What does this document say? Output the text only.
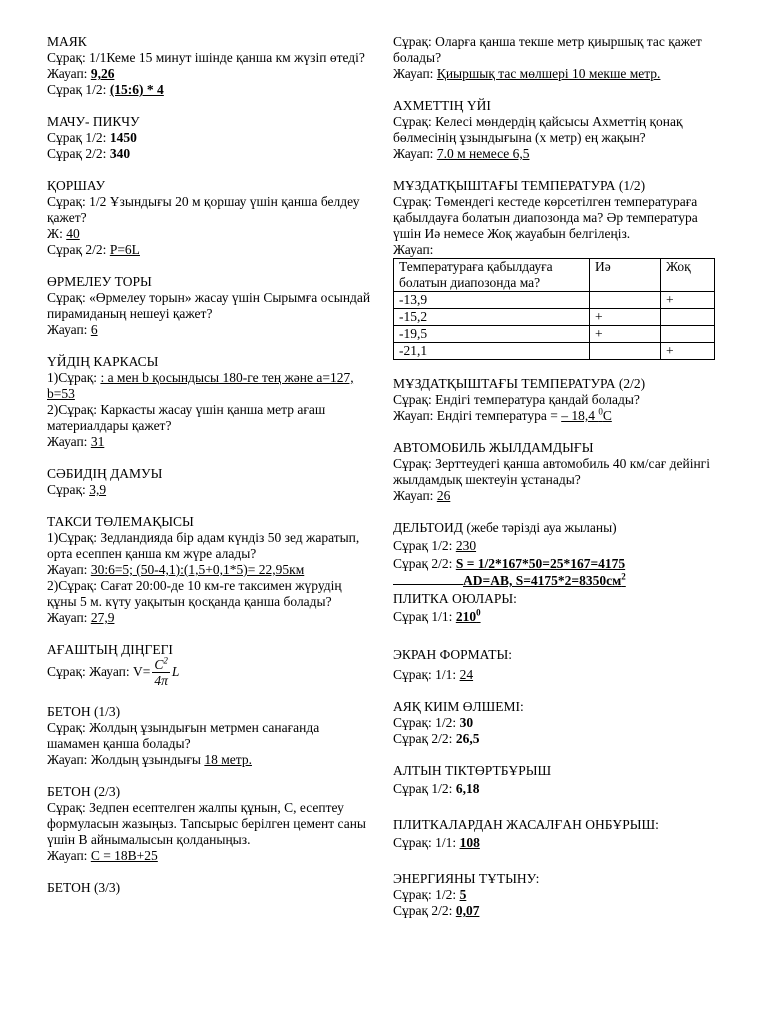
МАЯК
Сұрақ: 1/1Кеме 15 минут ішінде қанша км жүзіп өтеді?
Жауап: 9,26
Сұрақ 1/2: (15:6) * 4
МАЧУ- ПИКЧУ
Сұрақ 1/2: 1450
Сұрақ 2/2: 340
ҚОРШАУ
Сұрақ: 1/2 Ұзындығы 20 м қоршау үшін қанша белдеу қажет?
Ж: 40
Сұрақ 2/2: P=6L
ӨРМЕЛЕУ ТОРЫ
Сұрақ: «Өрмелеу торын» жасау үшін Сырымға осындай пирамиданың нешеуі қажет?
Жауап: 6
ҮЙДІҢ КАРКАСЫ
1)Сұрақ: : а мен b қосындысы 180-ге тең және a=127, b=53
2)Сұрақ: Каркасты жасау үшін қанша метр ағаш материалдары қажет?
Жауап: 31
СӘБИДІҢ ДАМУЫ
Сұрақ: 3,9
ТАКСИ ТӨЛЕМАҚЫСЫ
1)Сұрақ: Зедландияда бір адам күндіз 50 зед жаратып, орта есеппен қанша км жүре алады?
Жауап: 30:6=5; (50-4,1):(1,5+0,1*5)= 22,95км
2)Сұрақ: Сағат 20:00-де 10 км-ге таксимен жүрудің құны 5 м. күту уақытын қосқанда қанша болады?
Жауап: 27,9
АҒАШТЫҢ ДІҢГЕГІ
Сұрақ: Жауап: $V= \frac{C^2}{4\pi}$ L
БЕТОН (1/3)
Сұрақ: Жолдың ұзындығын метрмен санағанда шамамен қанша болады?
Жауап: Жолдың ұзындығы 18 метр.
БЕТОН (2/3)
Сұрақ: Зедпен есептелген жалпы құнын, С, есептеу формуласын жазыңыз. Тапсырыс берілген цемент саны үшін В айнымалысын қолданыңыз.
Жауап: С = 18В+25
БЕТОН (3/3)
Сұрақ: Оларға қанша текше метр қиыршық тас қажет болады?
Жауап: Қиыршық тас мөлшері 10 мекше метр.
АХМЕТТІҢ ҮЙІ
Сұрақ: Келесі мөндердің қайсысы Ахметтің қонақ бөлмесінің ұзындығына (х метр) ең жақын?
Жауап: 7.0 м немесе 6,5
МҰЗДАТҚЫШТАҒЫ ТЕМПЕРАТУРА (1/2)
Сұрақ: Төмендегі кестеде көрсетілген температураға қабылдауға болатын диапозонда ма? Әр температура үшін Иә немесе Жоқ жауабын белгілеңіз.
Жауап:
Температураға қабылдауға болатын диапозонда ма?	Иә	Жоқ
-13,9		+
-15,2	+	
-19,5	+	
-21,1		+
МҰЗДАТҚЫШТАҒЫ ТЕМПЕРАТУРА (2/2)
Сұрақ: Ендігі температура қандай болады?
Жауап: Ендігі температура = – 18,4 $^0$С
АВТОМОБИЛЬ ЖЫЛДАМДЫҒЫ
Сұрақ: Зерттеудегі қанша автомобиль 40 км/сағ дейінгі жылдамдық шектеуін ұстанады?
Жауап: 26
ДЕЛЬТОИД (жебе тәрізді ауа жыланы)
Сұрақ 1/2: 230
Сұрақ 2/2: S = 1/2*167*50=25*167=4175
AD=AB, $S=4175*2=8350см^2$
ПЛИТКА ОЮЛАРЫ:
Сұрақ 1/1: $210^0$
ЭКРАН ФОРМАТЫ:
Сұрақ: 1/1: 24
АЯҚ КИІМ ӨЛШЕМІ:
Сұрақ: 1/2: 30
Сұрақ 2/2: 26,5
АЛТЫН ТІКТӨРТБҰРЫШ
Сұрақ 1/2: 6,18
ПЛИТКАЛАРДАН ЖАСАЛҒАН ОНБҰРЫШ:
Сұрақ: 1/1: 108
ЭНЕРГИЯНЫ ТҰТЫНУ:
Сұрақ: 1/2: 5
Сұрақ 2/2: 0,07
